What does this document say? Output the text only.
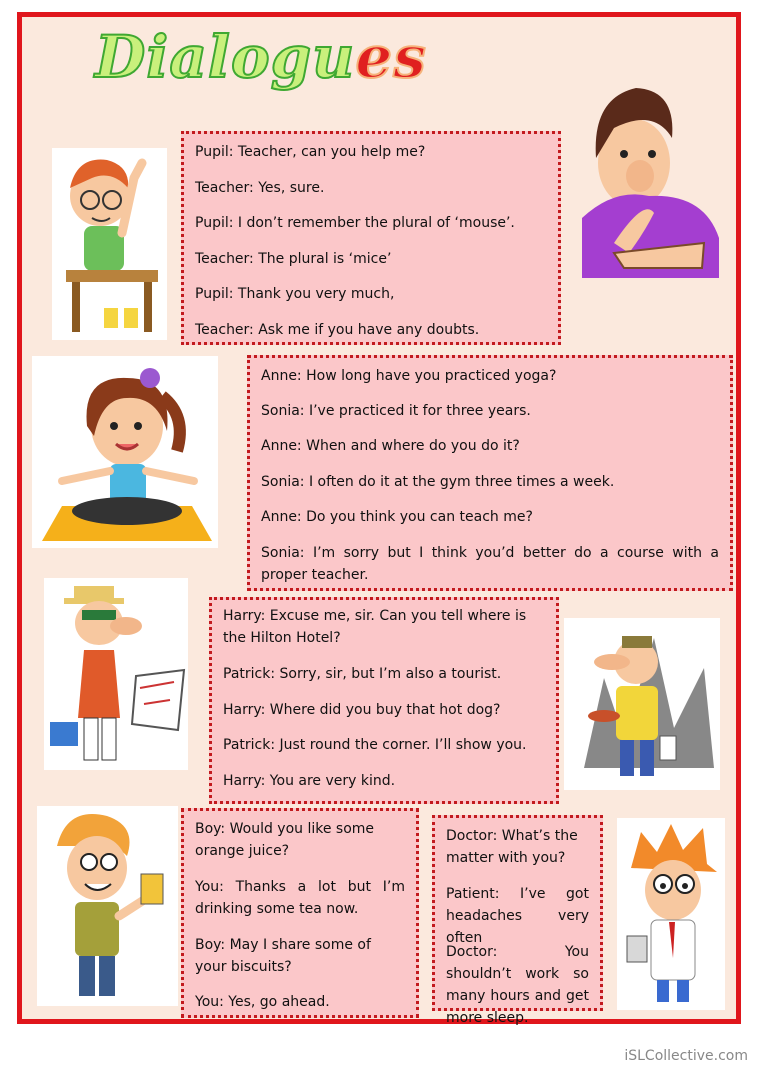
Dialogues

Pupil: Teacher, can you help me?

Teacher: Yes, sure.

Pupil: I don’t remember the plural of ‘mouse’.

Teacher: The plural is ‘mice’

Pupil: Thank you very much,

Teacher: Ask me if you have any doubts.

Anne: How long have you practiced yoga?

Sonia: I’ve practiced it for three years.

Anne: When and where do you do it?

Sonia: I often do it at the gym three times a week.

Anne: Do you think you can teach me?

Sonia: I’m sorry but I think you’d better do a course with a proper teacher.

Harry: Excuse me, sir. Can you tell where is the Hilton Hotel?

Patrick: Sorry, sir, but I’m also a tourist.

Harry: Where did you buy that hot dog?

Patrick: Just round the corner. I’ll show you.

Harry: You are very kind.

Boy: Would you like some orange juice?

You: Thanks a lot but I’m drinking some tea now.

Boy: May I share some of your biscuits?

You: Yes, go ahead.

Doctor: What’s the matter with you?

Patient: I’ve got headaches very often

Doctor: You shouldn’t work so many hours and get more sleep.

iSLCollective.com
